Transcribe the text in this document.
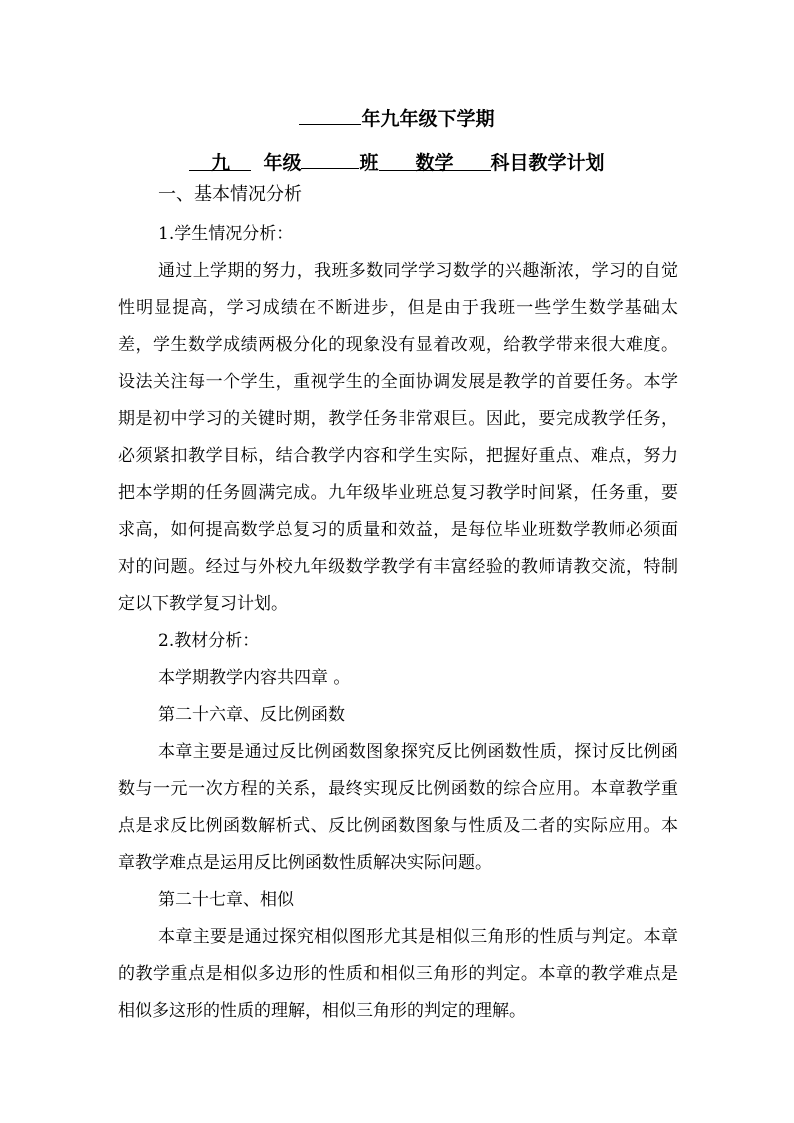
年九年级下学期
九 年级	班 数学 科目教学计划
一、基本情况分析

1.学生情况分析：

通过上学期的努力，我班多数同学学习数学的兴趣渐浓，学习的自觉性明显提高，学习成绩在不断进步，但是由于我班一些学生数学基础太差，学生数学成绩两极分化的现象没有显着改观，给教学带来很大难度。设法关注每一个学生，重视学生的全面协调发展是教学的首要任务。本学期是初中学习的关键时期，教学任务非常艰巨。因此，要完成教学任务，必须紧扣教学目标，结合教学内容和学生实际，把握好重点、难点，努力把本学期的任务圆满完成。九年级毕业班总复习教学时间紧，任务重，要求高，如何提高数学总复习的质量和效益，是每位毕业班数学教师必须面对的问题。经过与外校九年级数学教学有丰富经验的教师请教交流，特制定以下教学复习计划。

2.教材分析：

本学期教学内容共四章 。

第二十六章、反比例函数

本章主要是通过反比例函数图象探究反比例函数性质，探讨反比例函数与一元一次方程的关系，最终实现反比例函数的综合应用。本章教学重点是求反比例函数解析式、反比例函数图象与性质及二者的实际应用。本章教学难点是运用反比例函数性质解决实际问题。

第二十七章、相似

本章主要是通过探究相似图形尤其是相似三角形的性质与判定。本章的教学重点是相似多边形的性质和相似三角形的判定。本章的教学难点是相似多这形的性质的理解，相似三角形的判定的理解。
